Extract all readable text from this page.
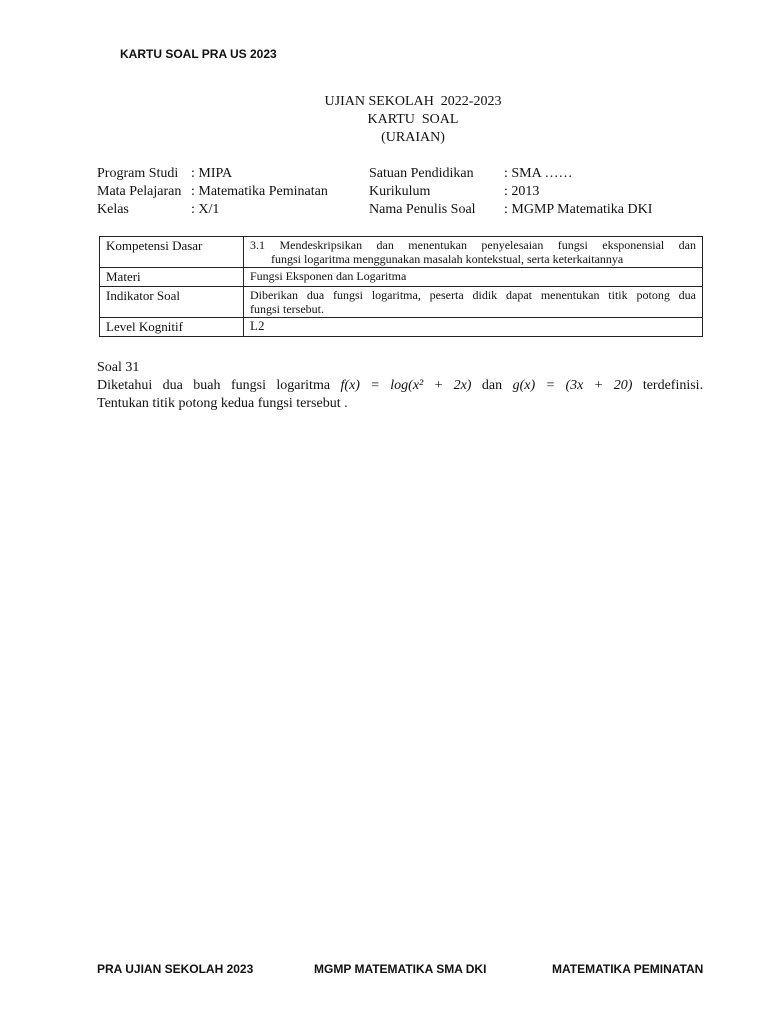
KARTU SOAL PRA US 2023
UJIAN SEKOLAH  2022-2023
KARTU  SOAL
(URAIAN)
Program Studi : MIPA	Satuan Pendidikan : SMA ……
Mata Pelajaran : Matematika Peminatan	Kurikulum	: 2013
Kelas	: X/1	Nama Penulis Soal : MGMP Matematika DKI
Kompetensi Dasar	3.1 Mendeskripsikan dan menentukan penyelesaian fungsi eksponensial dan
fungsi logaritma menggunakan masalah kontekstual, serta keterkaitannya

Materi	Fungsi Eksponen dan Logaritma
Indikator Soal	Diberikan dua fungsi logaritma, peserta didik dapat menentukan titik potong dua
fungsi tersebut.

Level Kognitif	L2
Soal 31
Diketahui dua buah fungsi logaritma f(x) = log(x² + 2x) dan g(x) = (3x + 20) terdefinisi.
Tentukan titik potong kedua fungsi tersebut .
PRA UJIAN SEKOLAH 2023	MGMP MATEMATIKA SMA DKI	MATEMATIKA PEMINATAN
